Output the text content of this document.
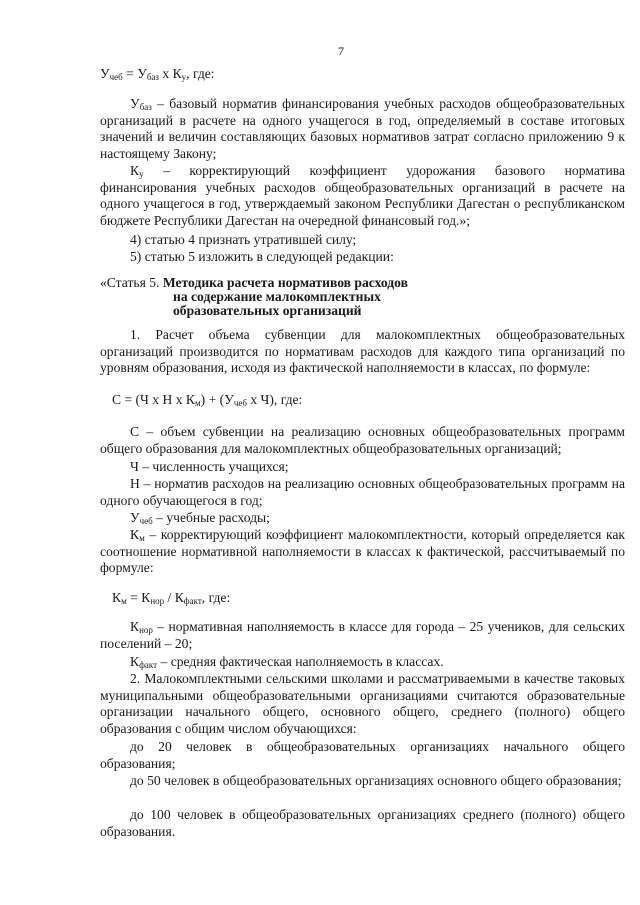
7

$У_{чеб} = У_{баз}$ х $К_у$, где:

$У_{баз}$ – базовый норматив финансирования учебных расходов общеобразовательных организаций в расчете на одного учащегося в год, определяемый в составе итоговых значений и величин составляющих базовых нормативов затрат согласно приложению 9 к настоящему Закону;

$К_у$ – корректирующий коэффициент удорожания базового норматива финансирования учебных расходов общеобразовательных организаций в расчете на одного учащегося в год, утверждаемый законом Республики Дагестан о республиканском бюджете Республики Дагестан на очередной финансовый год.»;

4) статью 4 признать утратившей силу;

5) статью 5 изложить в следующей редакции:

«Статья 5. Методика расчета нормативов расходов
на содержание малокомплектных
образовательных организаций

1. Расчет объема субвенции для малокомплектных общеобразовательных организаций производится по нормативам расходов для каждого типа организаций по уровням образования, исходя из фактической наполняемости в классах, по формуле:

С = (Ч х Н х $К_м) + (У_{чеб}$ х Ч), где:

С – объем субвенции на реализацию основных общеобразовательных программ общего образования для малокомплектных общеобразовательных организаций;

Ч – численность учащихся;

Н – норматив расходов на реализацию основных общеобразовательных программ на одного обучающегося в год;

$У_{чеб}$ – учебные расходы;

$К_м$ – корректирующий коэффициент малокомплектности, который определяется как соотношение нормативной наполняемости в классах к фактической, рассчитываемый по формуле:

$К_м = К_{нор} / К_{факт}$, где:

$К_{нор}$ – нормативная наполняемость в классе для города – 25 учеников, для сельских поселений – 20;

$К_{факт}$ – средняя фактическая наполняемость в классах.

2. Малокомплектными сельскими школами и рассматриваемыми в качестве таковых муниципальными общеобразовательными организациями считаются образовательные организации начального общего, основного общего, среднего (полного) общего образования с общим числом обучающихся:

до 20 человек в общеобразовательных организациях начального общего образования;

до 50 человек в общеобразовательных организациях основного общего образования;

до 100 человек в общеобразовательных организациях среднего (полного) общего образования.
